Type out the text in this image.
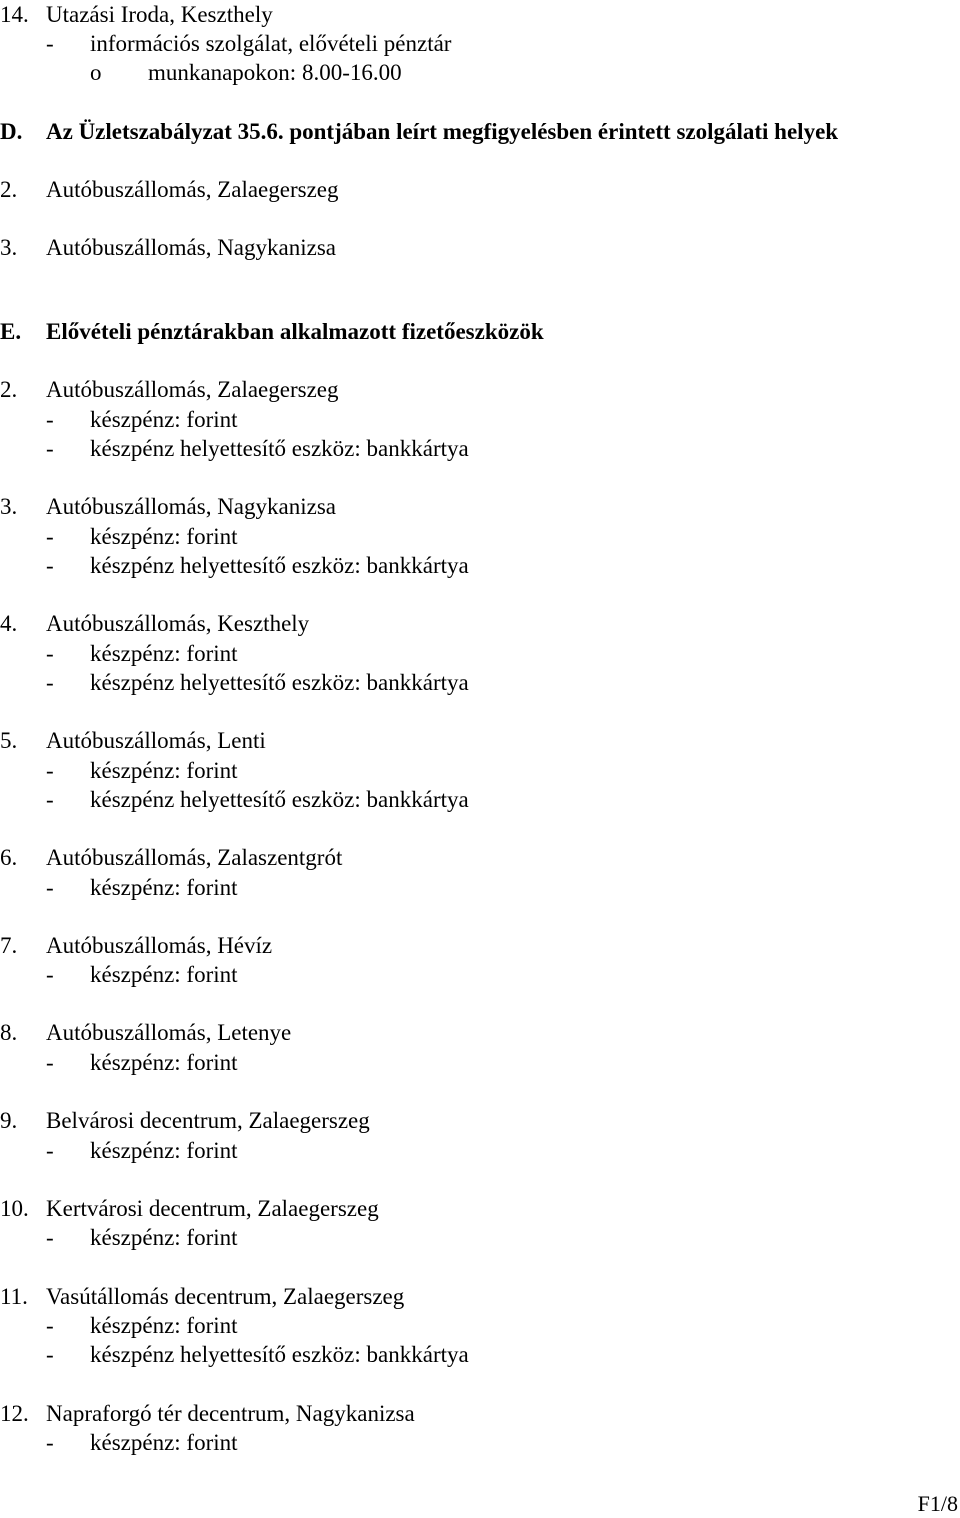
14. Utazási Iroda, Keszthely
- információs szolgálat, elővételi pénztár
o munkanapokon: 8.00-16.00
D. Az Üzletszabályzat 35.6. pontjában leírt megfigyelésben érintett szolgálati helyek
2. Autóbuszállomás, Zalaegerszeg
3. Autóbuszállomás, Nagykanizsa
E. Elővételi pénztárakban alkalmazott fizetőeszközök
2. Autóbuszállomás, Zalaegerszeg
- készpénz: forint
- készpénz helyettesítő eszköz: bankkártya
3. Autóbuszállomás, Nagykanizsa
- készpénz: forint
- készpénz helyettesítő eszköz: bankkártya
4. Autóbuszállomás, Keszthely
- készpénz: forint
- készpénz helyettesítő eszköz: bankkártya
5. Autóbuszállomás, Lenti
- készpénz: forint
- készpénz helyettesítő eszköz: bankkártya
6. Autóbuszállomás, Zalaszentgrót
- készpénz: forint
7. Autóbuszállomás, Hévíz
- készpénz: forint
8. Autóbuszállomás, Letenye
- készpénz: forint
9. Belvárosi decentrum, Zalaegerszeg
- készpénz: forint
10. Kertvárosi decentrum, Zalaegerszeg
- készpénz: forint
11. Vasútállomás decentrum, Zalaegerszeg
- készpénz: forint
- készpénz helyettesítő eszköz: bankkártya
12. Napraforgó tér decentrum, Nagykanizsa
- készpénz: forint
F1/8
